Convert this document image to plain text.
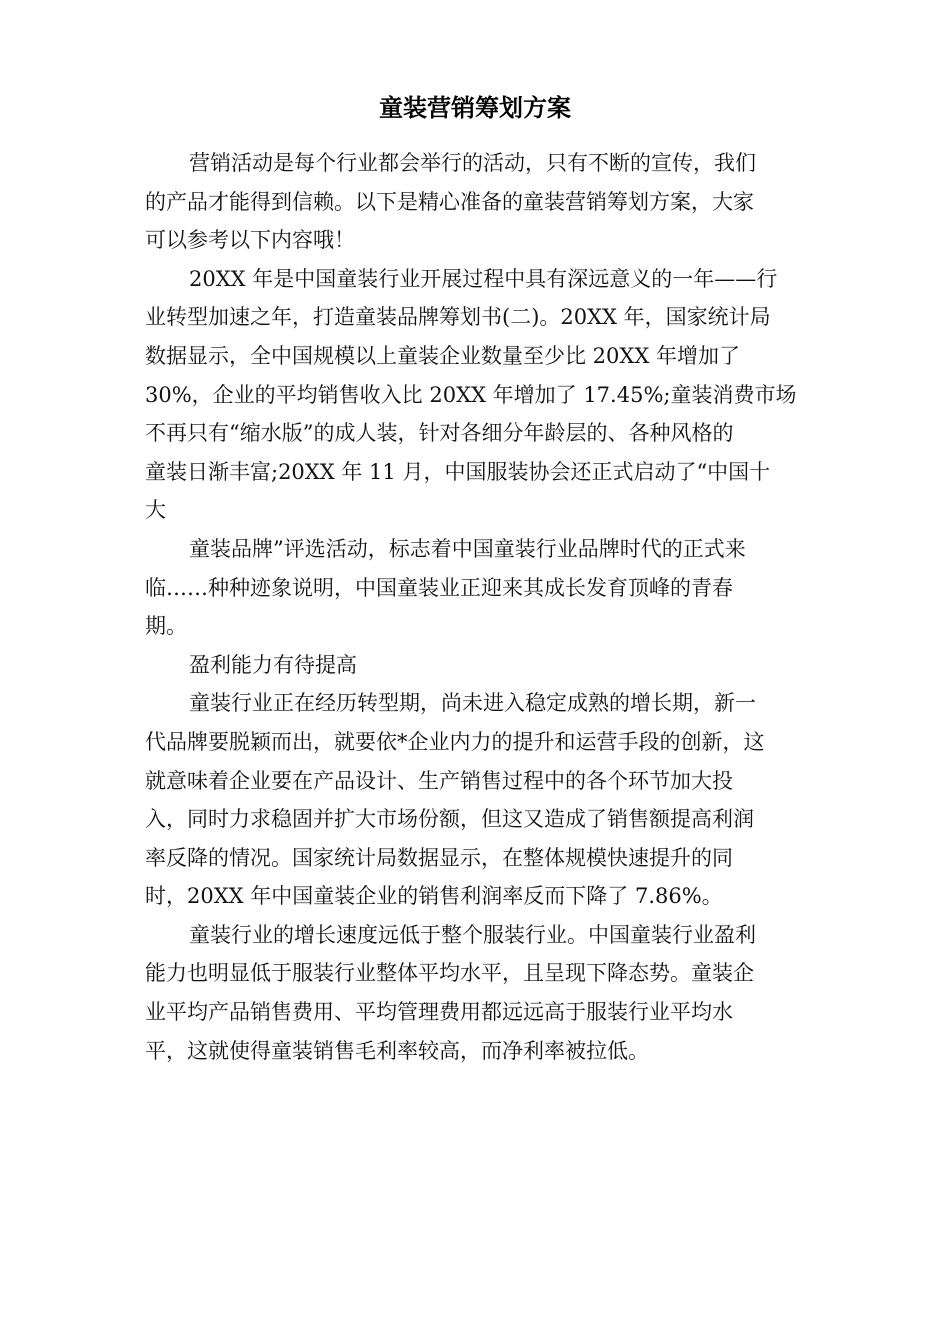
童装营销筹划方案

营销活动是每个行业都会举行的活动，只有不断的宣传，我们
的产品才能得到信赖。以下是精心准备的童装营销筹划方案，大家
可以参考以下内容哦！

20XX 年是中国童装行业开展过程中具有深远意义的一年——行
业转型加速之年，打造童装品牌筹划书(二)。20XX 年，国家统计局
数据显示，全中国规模以上童装企业数量至少比 20XX 年增加了
30%，企业的平均销售收入比 20XX 年增加了 17.45%;童装消费市场
不再只有“缩水版”的成人装，针对各细分年龄层的、各种风格的
童装日渐丰富;20XX 年 11 月，中国服装协会还正式启动了“中国十
大

童装品牌”评选活动，标志着中国童装行业品牌时代的正式来
临……种种迹象说明，中国童装业正迎来其成长发育顶峰的青春
期。

盈利能力有待提高

童装行业正在经历转型期，尚未进入稳定成熟的增长期，新一
代品牌要脱颖而出，就要依*企业内力的提升和运营手段的创新，这
就意味着企业要在产品设计、生产销售过程中的各个环节加大投
入，同时力求稳固并扩大市场份额，但这又造成了销售额提高利润
率反降的情况。国家统计局数据显示，在整体规模快速提升的同
时，20XX 年中国童装企业的销售利润率反而下降了 7.86%。

童装行业的增长速度远低于整个服装行业。中国童装行业盈利
能力也明显低于服装行业整体平均水平，且呈现下降态势。童装企
业平均产品销售费用、平均管理费用都远远高于服装行业平均水
平，这就使得童装销售毛利率较高，而净利率被拉低。
